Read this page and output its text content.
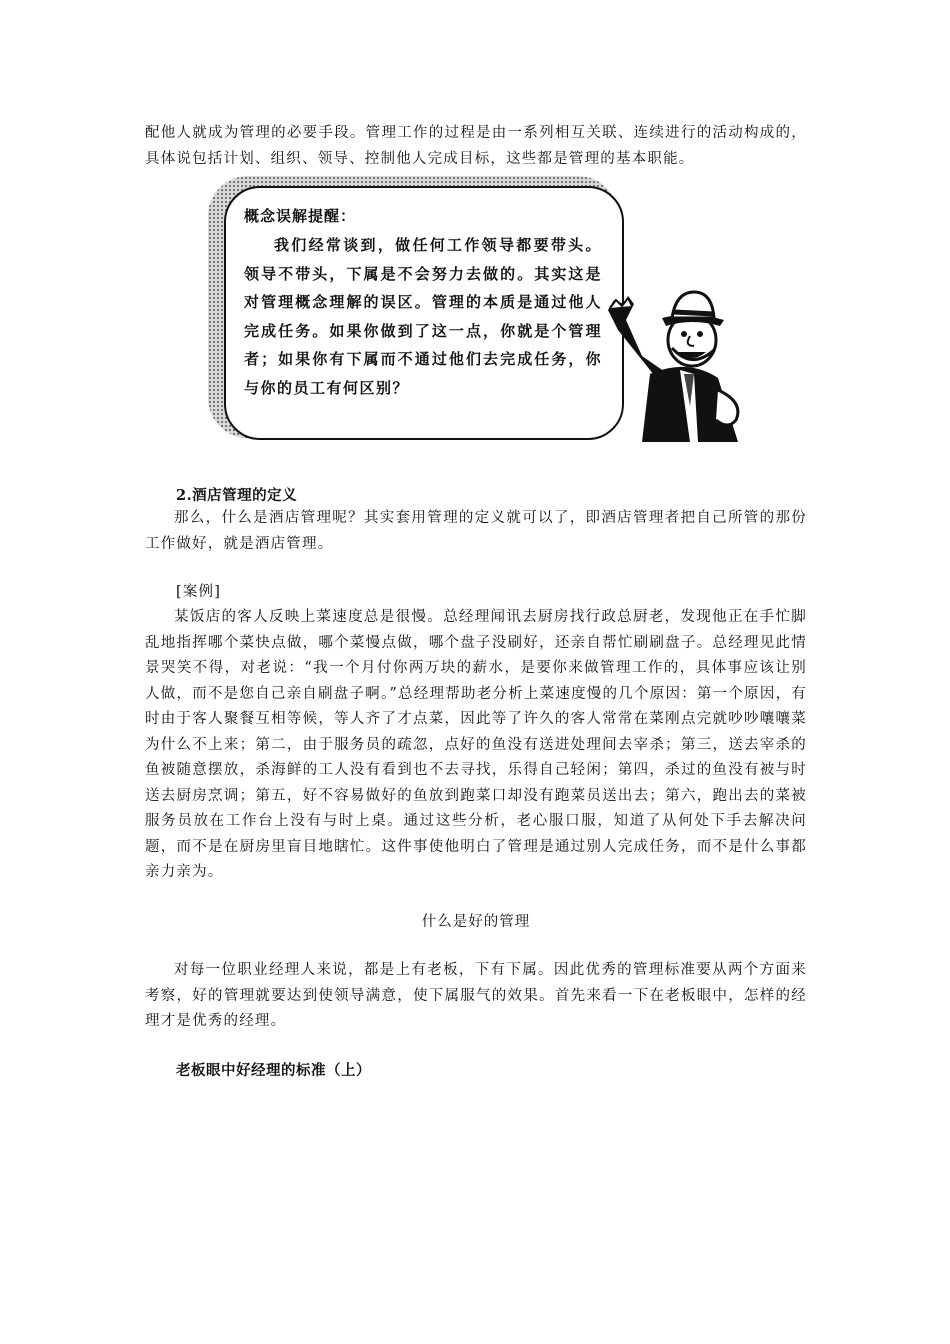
配他人就成为管理的必要手段。管理工作的过程是由一系列相互关联、连续进行的活动构成的，具体说包括计划、组织、领导、控制他人完成目标，这些都是管理的基本职能。

概念误解提醒：

我们经常谈到，做任何工作领导都要带头。领导不带头，下属是不会努力去做的。其实这是对管理概念理解的误区。管理的本质是通过他人完成任务。如果你做到了这一点，你就是个管理者；如果你有下属而不通过他们去完成任务，你与你的员工有何区别？

2.酒店管理的定义

那么，什么是酒店管理呢？其实套用管理的定义就可以了，即酒店管理者把自己所管的那份工作做好，就是酒店管理。

[案例]

某饭店的客人反映上菜速度总是很慢。总经理闻讯去厨房找行政总厨老，发现他正在手忙脚乱地指挥哪个菜快点做，哪个菜慢点做，哪个盘子没刷好，还亲自帮忙刷刷盘子。总经理见此情景哭笑不得，对老说：“我一个月付你两万块的薪水，是要你来做管理工作的，具体事应该让别人做，而不是您自己亲自刷盘子啊。”总经理帮助老分析上菜速度慢的几个原因：第一个原因，有时由于客人聚餐互相等候，等人齐了才点菜，因此等了许久的客人常常在菜刚点完就吵吵嚷嚷菜为什么不上来；第二，由于服务员的疏忽，点好的鱼没有送进处理间去宰杀；第三，送去宰杀的鱼被随意摆放，杀海鲜的工人没有看到也不去寻找，乐得自己轻闲；第四，杀过的鱼没有被与时送去厨房烹调；第五，好不容易做好的鱼放到跑菜口却没有跑菜员送出去；第六，跑出去的菜被服务员放在工作台上没有与时上桌。通过这些分析，老心服口服，知道了从何处下手去解决问题，而不是在厨房里盲目地瞎忙。这件事使他明白了管理是通过别人完成任务，而不是什么事都亲力亲为。

什么是好的管理

对每一位职业经理人来说，都是上有老板，下有下属。因此优秀的管理标准要从两个方面来考察，好的管理就要达到使领导满意，使下属服气的效果。首先来看一下在老板眼中，怎样的经理才是优秀的经理。

老板眼中好经理的标准（上）
